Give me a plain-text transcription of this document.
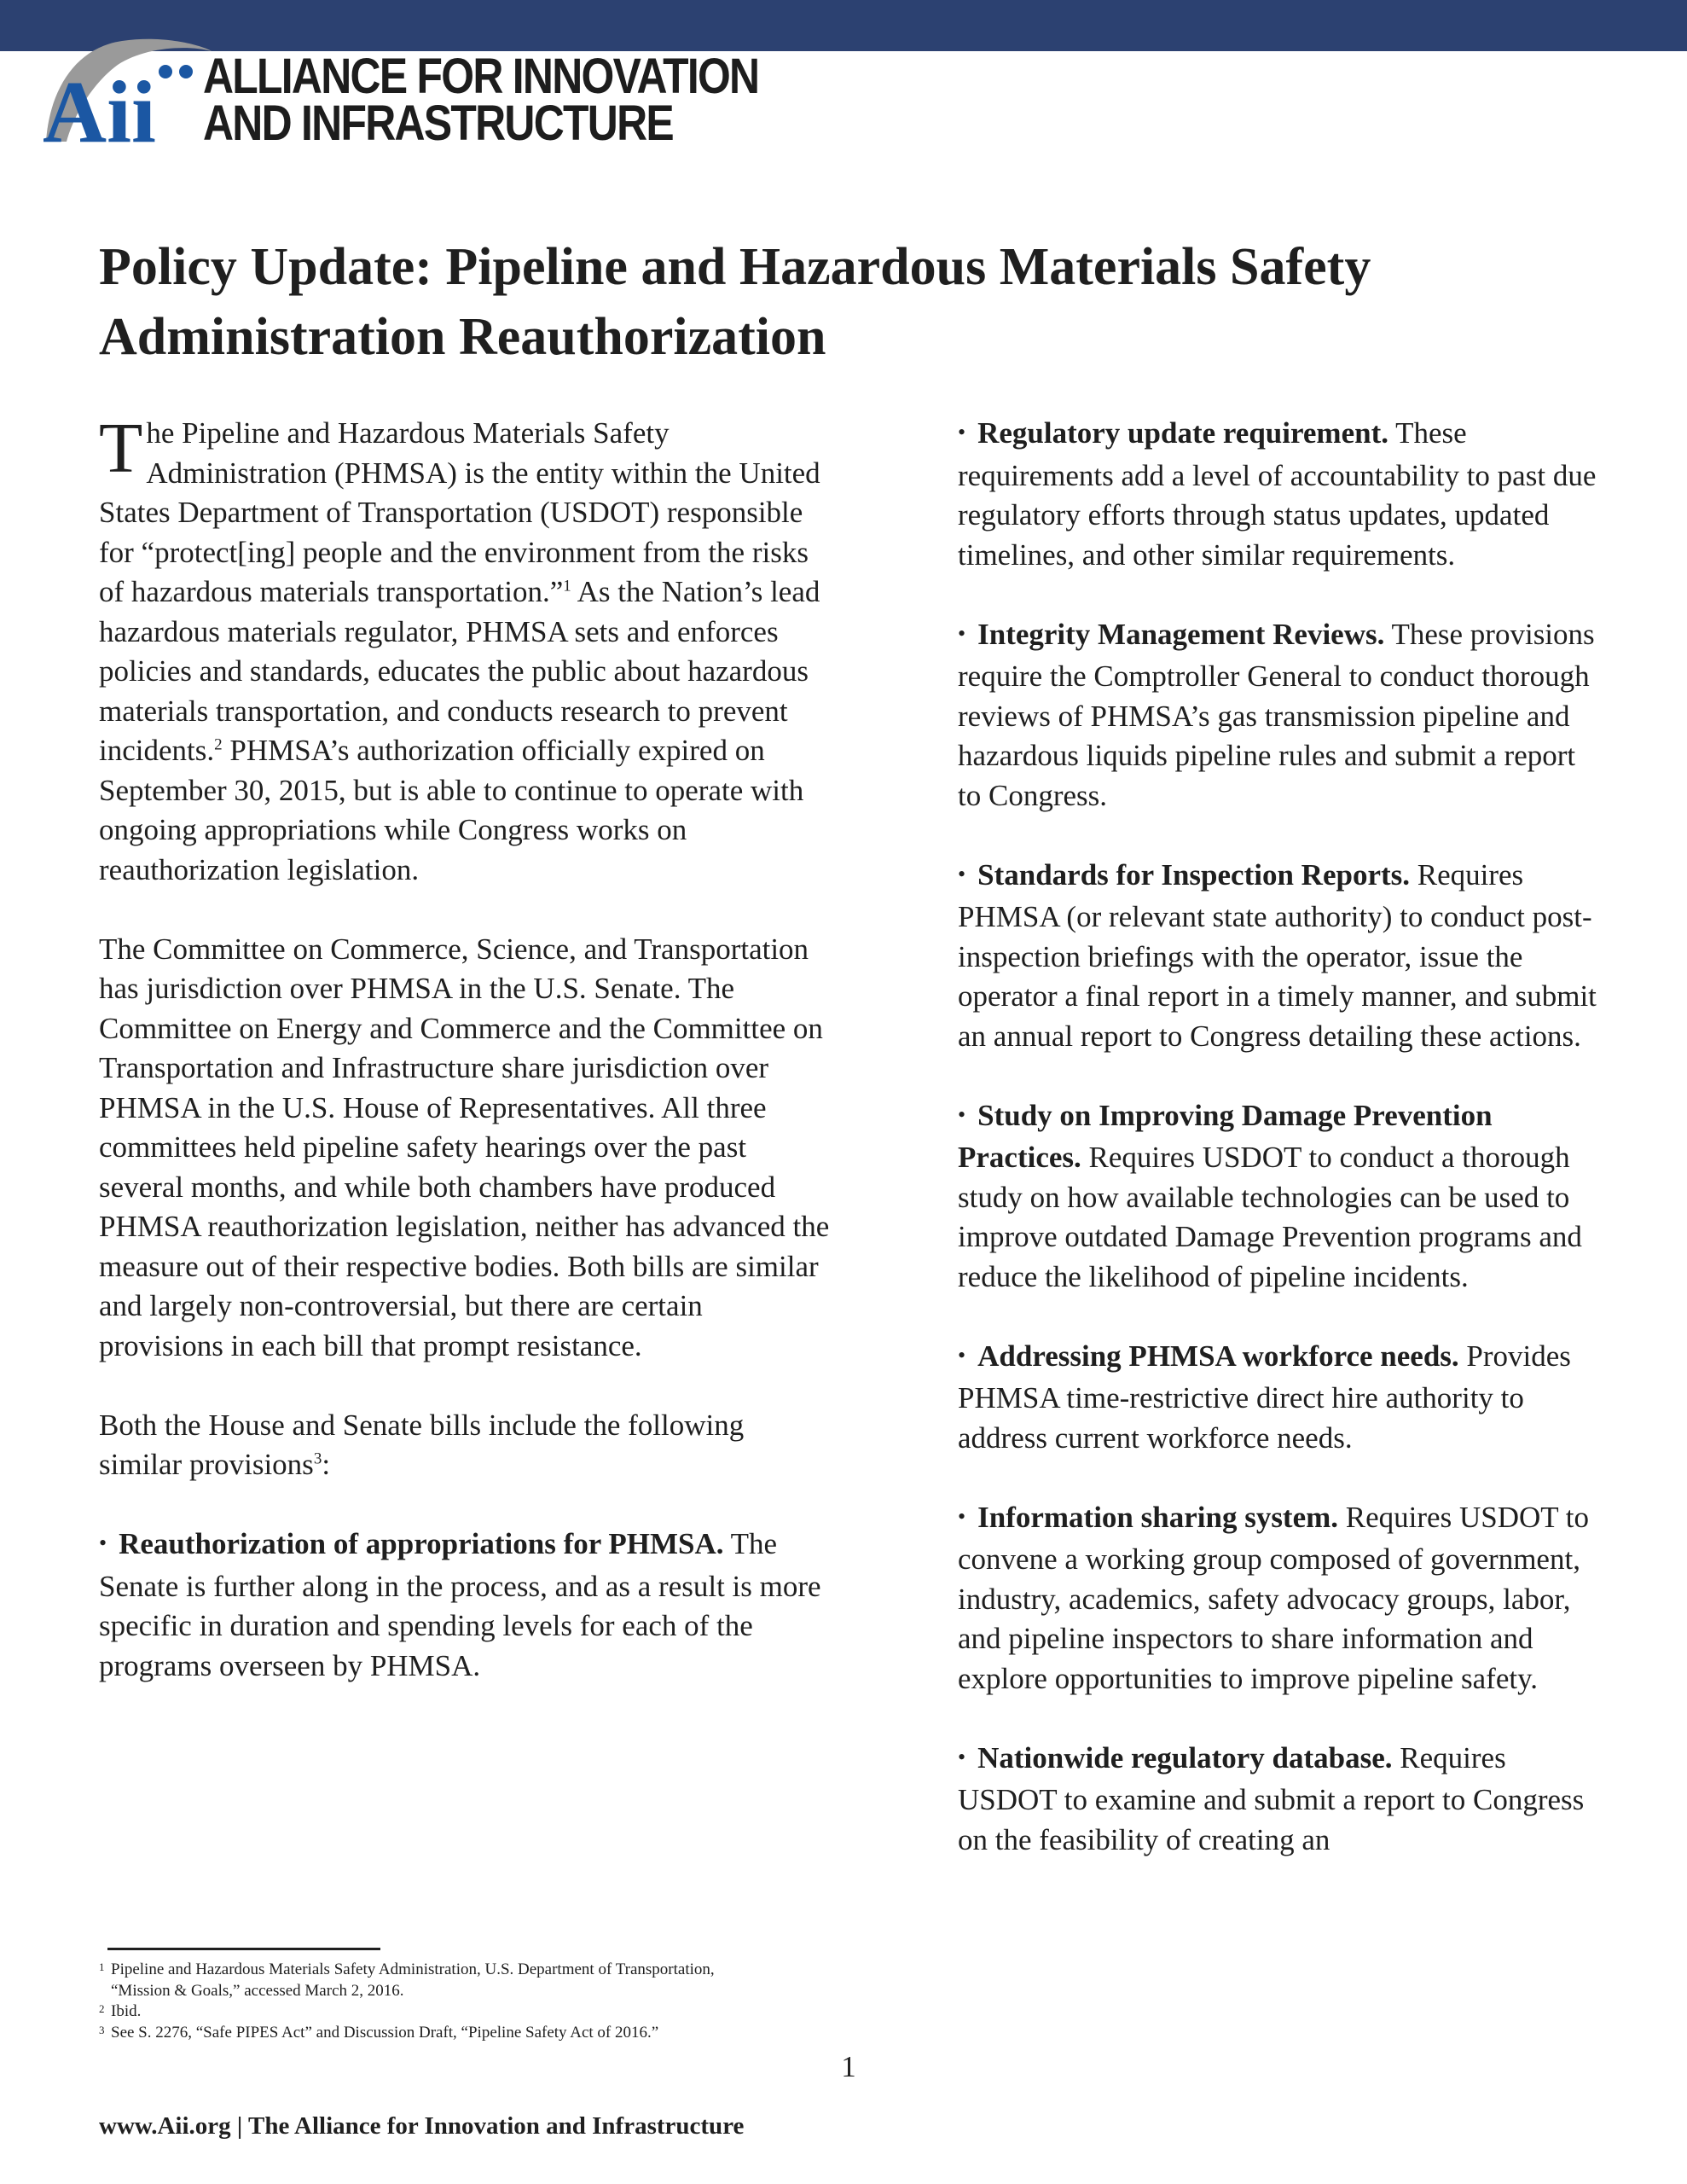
Aii ALLIANCE FOR INNOVATION
AND INFRASTRUCTURE
Policy Update: Pipeline and Hazardous Materials Safety Administration Reauthorization

The Pipeline and Hazardous Materials Safety Administration (PHMSA) is the entity within the United States Department of Transportation (USDOT) responsible for “protect[ing] people and the environment from the risks of hazardous materials transportation.”$^1$ As the Nation’s lead hazardous materials regulator, PHMSA sets and enforces policies and standards, educates the public about hazardous materials transportation, and conducts research to prevent incidents.$^2$ PHMSA’s authorization officially expired on September 30, 2015, but is able to continue to operate with ongoing appropriations while Congress works on reauthorization legislation.

The Committee on Commerce, Science, and Transportation has jurisdiction over PHMSA in the U.S. Senate. The Committee on Energy and Commerce and the Committee on Transportation and Infrastructure share jurisdiction over PHMSA in the U.S. House of Representatives. All three committees held pipeline safety hearings over the past several months, and while both chambers have produced PHMSA reauthorization legislation, neither has advanced the measure out of their respective bodies. Both bills are similar and largely non-controversial, but there are certain provisions in each bill that prompt resistance.

Both the House and Senate bills include the following similar provisions$^3$:

• Reauthorization of appropriations for PHMSA. The Senate is further along in the process, and as a result is more specific in duration and spending levels for each of the programs overseen by PHMSA.

• Regulatory update requirement. These requirements add a level of accountability to past due regulatory efforts through status updates, updated timelines, and other similar requirements.

• Integrity Management Reviews. These provisions require the Comptroller General to conduct thorough reviews of PHMSA’s gas transmission pipeline and hazardous liquids pipeline rules and submit a report to Congress.

• Standards for Inspection Reports. Requires PHMSA (or relevant state authority) to conduct post-inspection briefings with the operator, issue the operator a final report in a timely manner, and submit an annual report to Congress detailing these actions.

• Study on Improving Damage Prevention Practices. Requires USDOT to conduct a thorough study on how available technologies can be used to improve outdated Damage Prevention programs and reduce the likelihood of pipeline incidents.

• Addressing PHMSA workforce needs. Provides PHMSA time-restrictive direct hire authority to address current workforce needs.

• Information sharing system. Requires USDOT to convene a working group composed of government, industry, academics, safety advocacy groups, labor, and pipeline inspectors to share information and explore opportunities to improve pipeline safety.

• Nationwide regulatory database. Requires USDOT to examine and submit a report to Congress on the feasibility of creating an

1 Pipeline and Hazardous Materials Safety Administration, U.S. Department of Transportation,
“Mission & Goals,” accessed March 2, 2016.
2 Ibid.
3 See S. 2276, “Safe PIPES Act” and Discussion Draft, “Pipeline Safety Act of 2016.”
1
www.Aii.org | The Alliance for Innovation and Infrastructure
